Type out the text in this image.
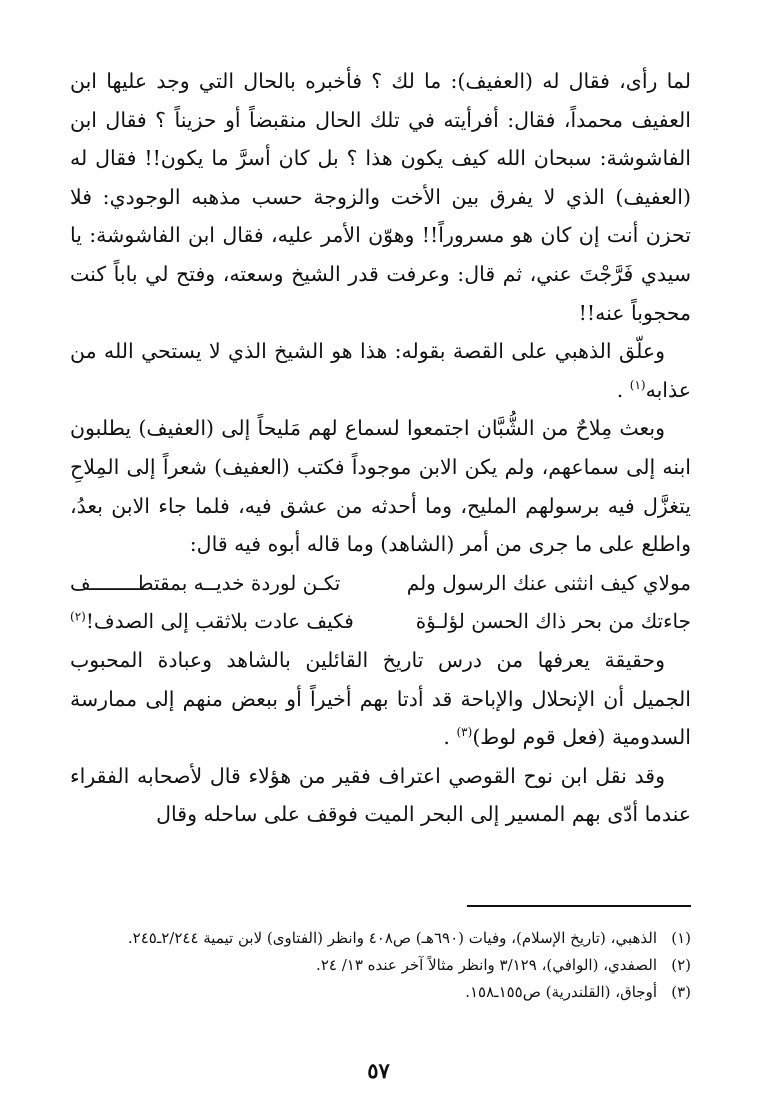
لما رأى، فقال له (العفيف): ما لك ؟ فأخبره بالحال التي وجد عليها ابن العفيف محمداً، فقال: أفرأيته في تلك الحال منقبضاً أو حزيناً ؟ فقال ابن الفاشوشة: سبحان الله كيف يكون هذا ؟ بل كان أسرَّ ما يكون!! فقال له (العفيف) الذي لا يفرق بين الأخت والزوجة حسب مذهبه الوجودي: فلا تحزن أنت إن كان هو مسروراً!! وهوّن الأمر عليه، فقال ابن الفاشوشة: يا سيدي فَرَّجْتَ عني، ثم قال: وعرفت قدر الشيخ وسعته، وفتح لي باباً كنت محجوباً عنه!!

وعلّق الذهبي على القصة بقوله: هذا هو الشيخ الذي لا يستحي الله من عذابه$^{(١)}$ .

وبعث مِلاحٌ من الشُّبَّان اجتمعوا لسماع لهم مَليحاً إلى (العفيف) يطلبون ابنه إلى سماعهم، ولم يكن الابن موجوداً فكتب (العفيف) شعراً إلى المِلاحِ يتغزَّل فيه برسولهم المليح، وما أحدثه من عشق فيه، فلما جاء الابن بعدُ، واطلع على ما جرى من أمر (الشاهد) وما قاله أبوه فيه قال:

مولاي كيف انثنى عنك الرسول ولم
تكـن لوردة خديــه بمقتطــــــــف
جاءتك من بحر ذاك الحسن لؤلـؤة
فكيف عادت بلاثقب إلى الصدف!$^{(٢)}$

وحقيقة يعرفها من درس تاريخ القائلين بالشاهد وعبادة المحبوب الجميل أن الإنحلال والإباحة قد أدتا بهم أخيراً أو ببعض منهم إلى ممارسة السدومية (فعل قوم لوط)$^{(٣)}$ .

وقد نقل ابن نوح القوصي اعتراف فقير من هؤلاء قال لأصحابه الفقراء عندما أدّى بهم المسير إلى البحر الميت فوقف على ساحله وقال

(١)
الذهبي، (تاريخ الإسلام)، وفيات (٦٩٠هـ) ص٤٠٨ وانظر (الفتاوى) لابن تيمية ٢/٢٤٤ـ٢٤٥.
(٢)
الصفدي، (الوافي)، ٣/١٢٩ وانظر مثالاً آخر عنده ١٣/ ٢٤.
(٣)
أوجاق، (القلندرية) ص١٥٥ـ١٥٨.
٥٧
